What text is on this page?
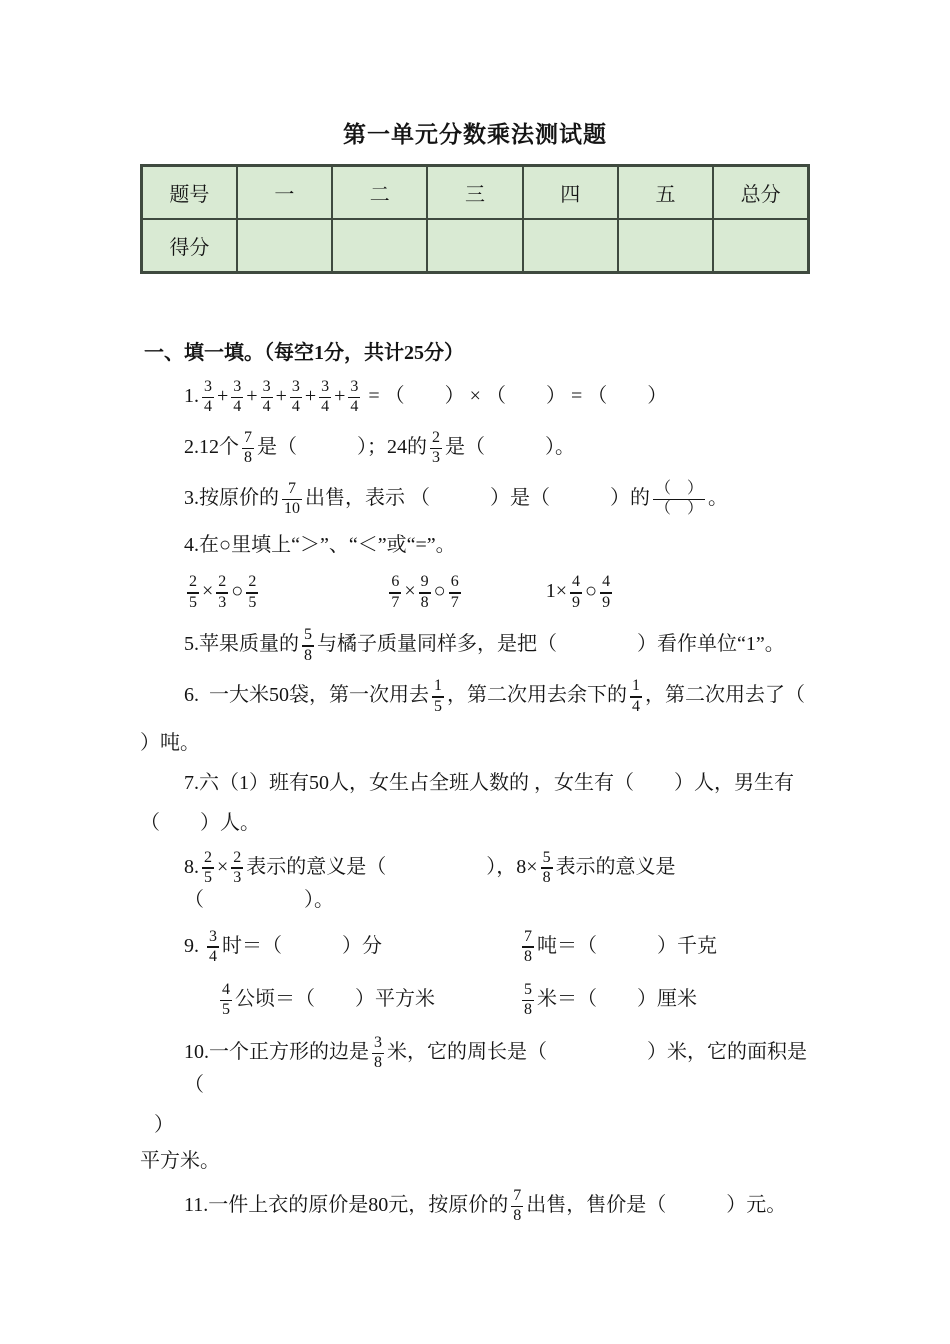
第一单元分数乘法测试题
题号	一	二	三	四	五	总分
得分						
一、填一填。（每空1分，共计25分）
1. $\frac{3}{4} + \frac{3}{4} + \frac{3}{4} + \frac{3}{4} + \frac{3}{4} + \frac{3}{4}$ = （　　） × （　　） = （　　）
2.12个 $\frac{7}{8}$ 是（　　　）；24的 $\frac{2}{3}$ 是（　　　）。
3.按原价的 $\frac{7}{10}$ 出售，表示 （　　　）是（　　　）的 $\frac{( )}{( )}$ 。
4.在○里填上“＞”、“＜”或“=”。
$\frac{2}{5} \times \frac{2}{3}$ ○ $\frac{2}{5}$	$\frac{6}{7} \times \frac{9}{8}$ ○ $\frac{6}{7}$	$1\times \frac{4}{9}$ ○ $\frac{4}{9}$
5.苹果质量的 $\frac{5}{8}$ 与橘子质量同样多，是把（　　　　）看作单位“1”。
6.  一大米50袋，第一次用去 $\frac{1}{5}$ ，第二次用去余下的 $\frac{1}{4}$ ，第二次用去了（
）吨。
7.六（1）班有50人，女生占全班人数的 ，女生有（　　）人，男生有
（　　）人。
8. $\frac{2}{5} \times \frac{2}{3}$ 表示的意义是（　　　　　），$8\times \frac{5}{8}$ 表示的意义是（　　　　　）。
9. $\frac{3}{4}$ 时＝（　　　）分	$\frac{7}{8}$ 吨＝（　　　）千克
$\frac{4}{5}$ 公顷＝（　　）平方米	$\frac{5}{8}$ 米＝（　　）厘米
10.一个正方形的边是 $\frac{3}{8}$ 米，它的周长是（　　　　　）米，它的面积是（
）
平方米。
11.一件上衣的原价是80元，按原价的 $\frac{7}{8}$ 出售，售价是（　　　）元。
